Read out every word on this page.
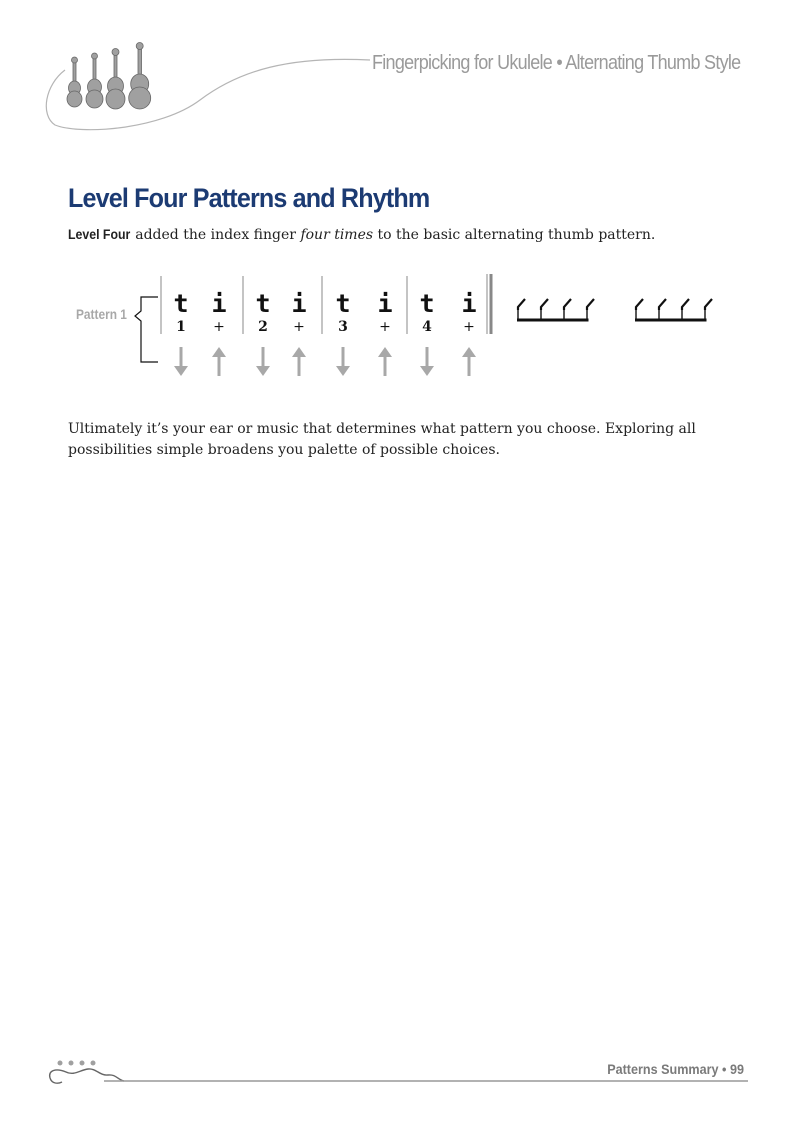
Fingerpicking for Ukulele • Alternating Thumb Style
Level Four Patterns and Rhythm
Level Four added the index finger four times to the basic alternating thumb pattern.
Pattern 1 t
1
i
+
t
2
i
+
t
3
i
+
t
4
i
+
Ultimately it’s your ear or music that determines what pattern you choose. Exploring all possibilities simple broadens you palette of possible choices.
Patterns Summary • 99
